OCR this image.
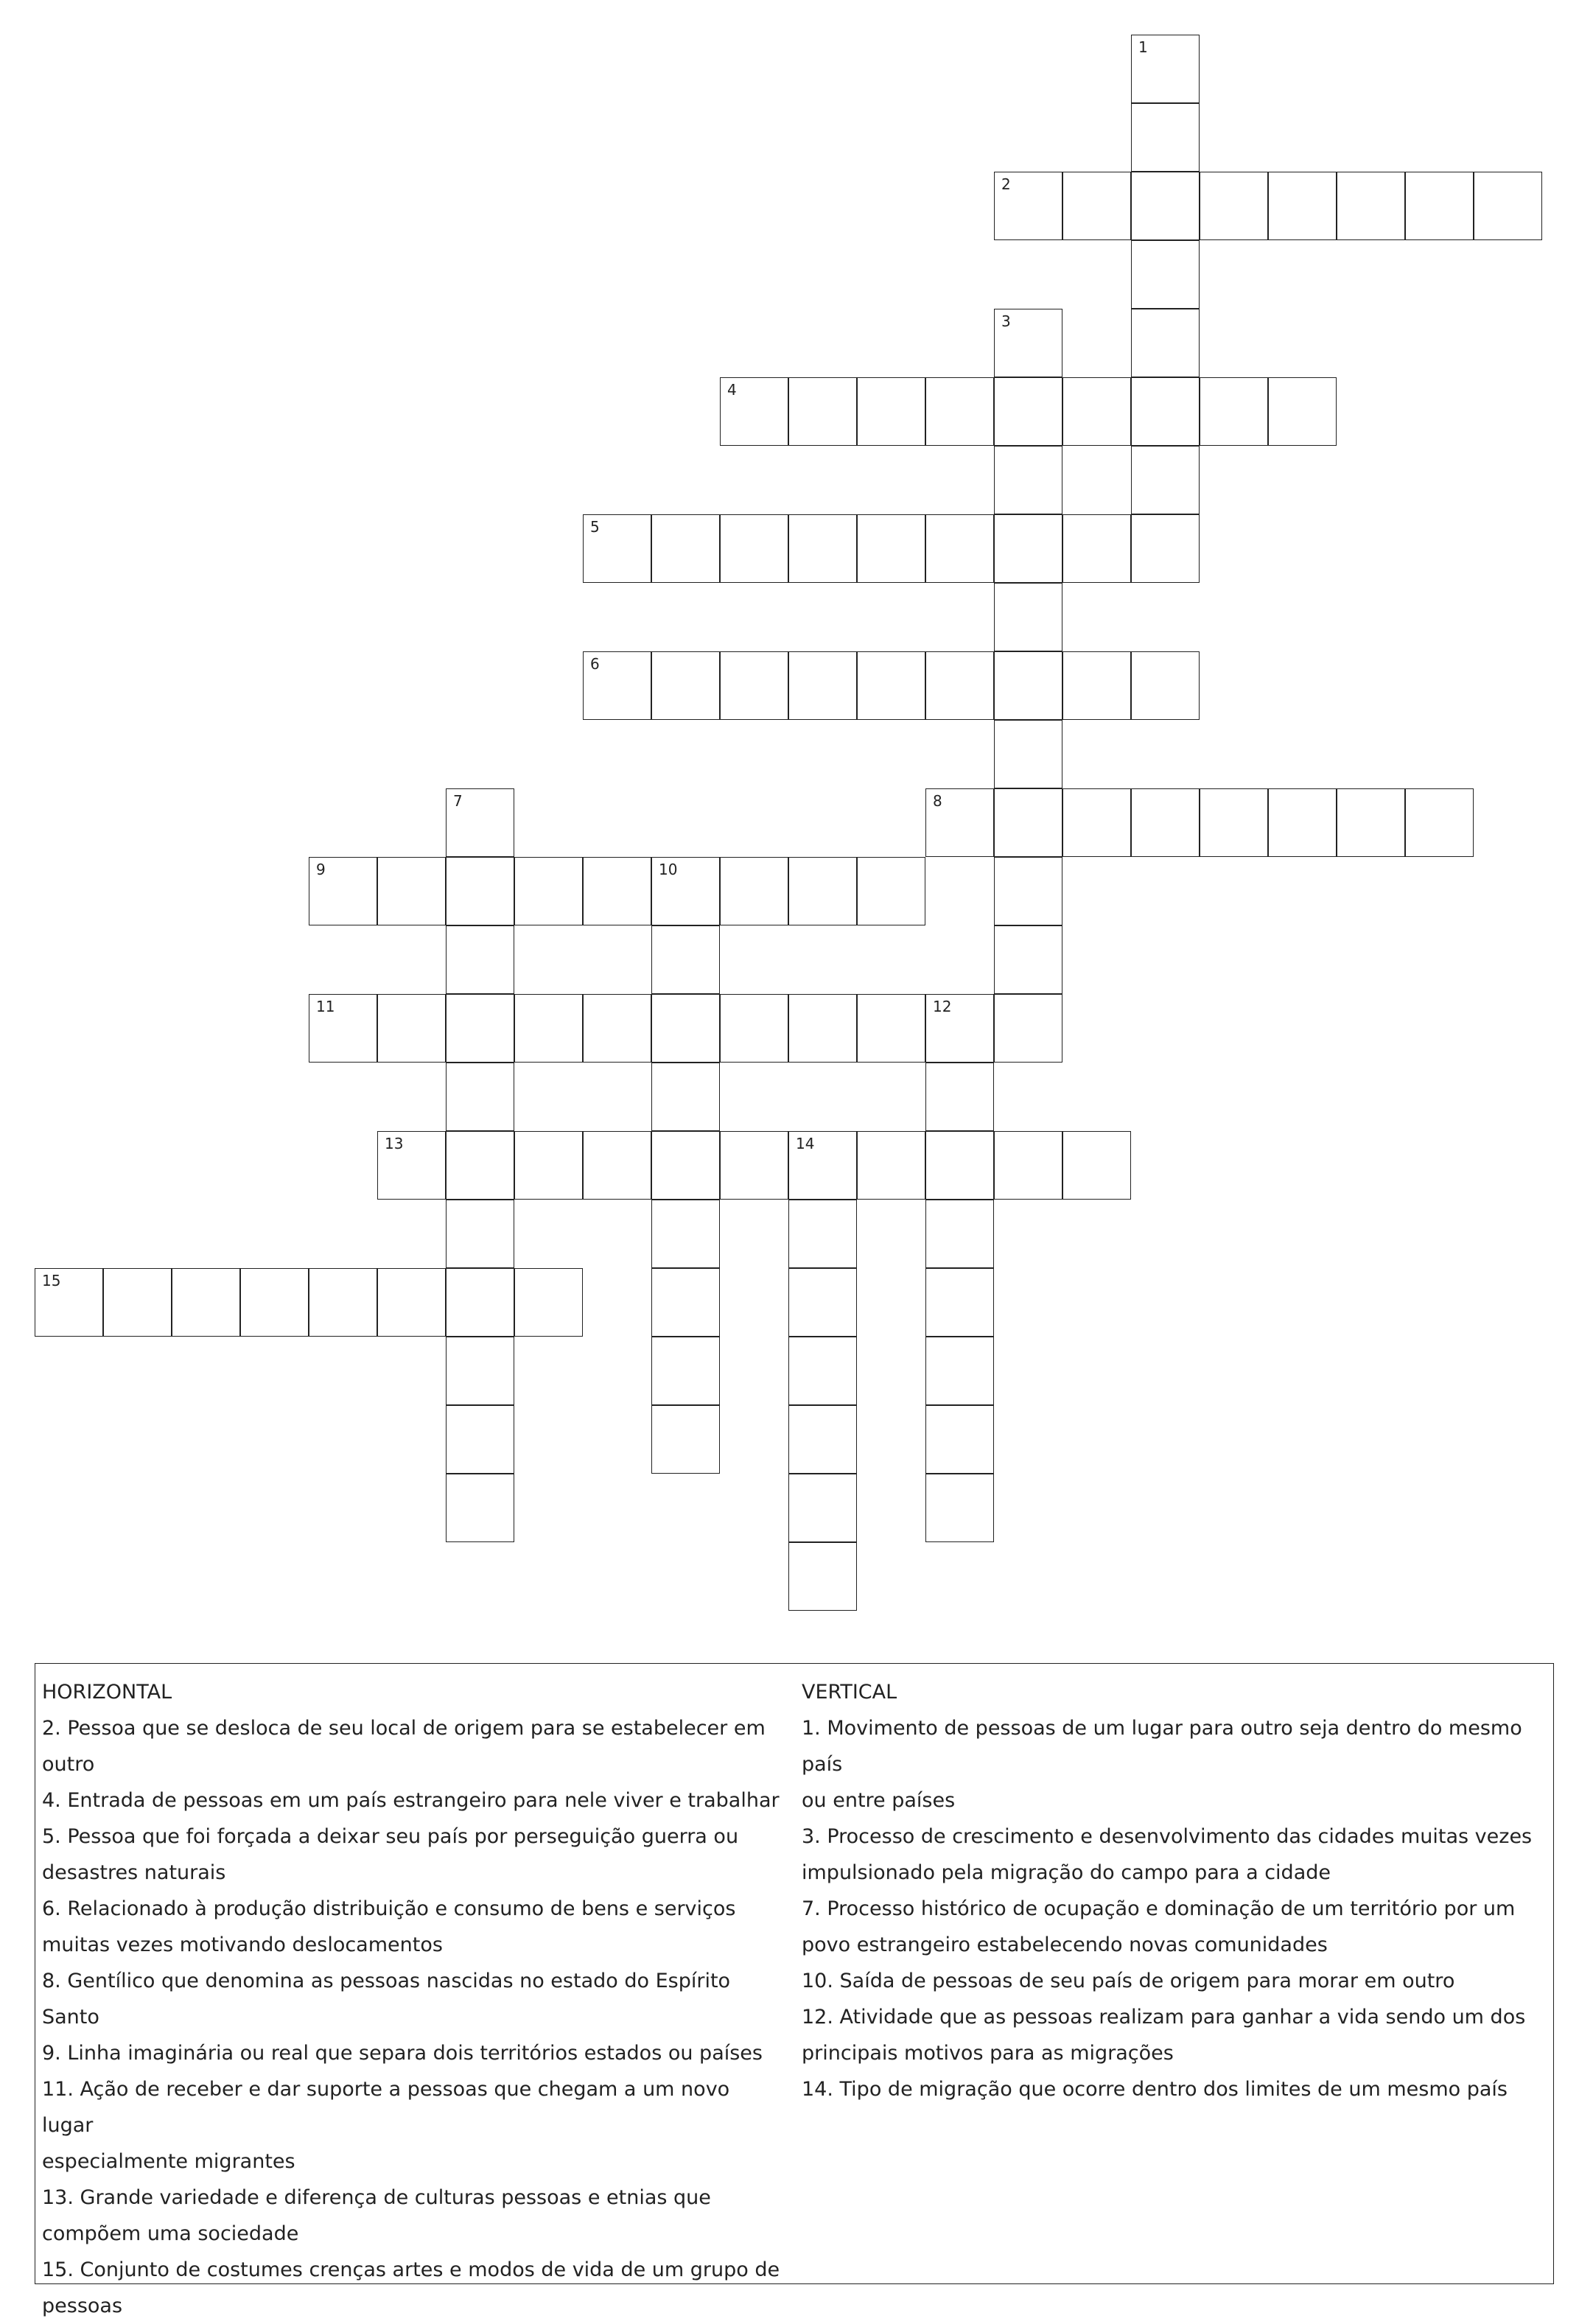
1
2
3
4
5
6
7	8
9	10
11	12
13	14
15
HORIZONTAL

2. Pessoa que se desloca de seu local de origem para se estabelecer em

outro

4. Entrada de pessoas em um país estrangeiro para nele viver e trabalhar

5. Pessoa que foi forçada a deixar seu país por perseguição guerra ou

desastres naturais

6. Relacionado à produção distribuição e consumo de bens e serviços

muitas vezes motivando deslocamentos

8. Gentílico que denomina as pessoas nascidas no estado do Espírito Santo

9. Linha imaginária ou real que separa dois territórios estados ou países

11. Ação de receber e dar suporte a pessoas que chegam a um novo lugar

especialmente migrantes

13. Grande variedade e diferença de culturas pessoas e etnias que

compõem uma sociedade

15. Conjunto de costumes crenças artes e modos de vida de um grupo de

pessoas

VERTICAL

1. Movimento de pessoas de um lugar para outro seja dentro do mesmo país

ou entre países

3. Processo de crescimento e desenvolvimento das cidades muitas vezes

impulsionado pela migração do campo para a cidade

7. Processo histórico de ocupação e dominação de um território por um

povo estrangeiro estabelecendo novas comunidades

10. Saída de pessoas de seu país de origem para morar em outro

12. Atividade que as pessoas realizam para ganhar a vida sendo um dos

principais motivos para as migrações

14. Tipo de migração que ocorre dentro dos limites de um mesmo país
